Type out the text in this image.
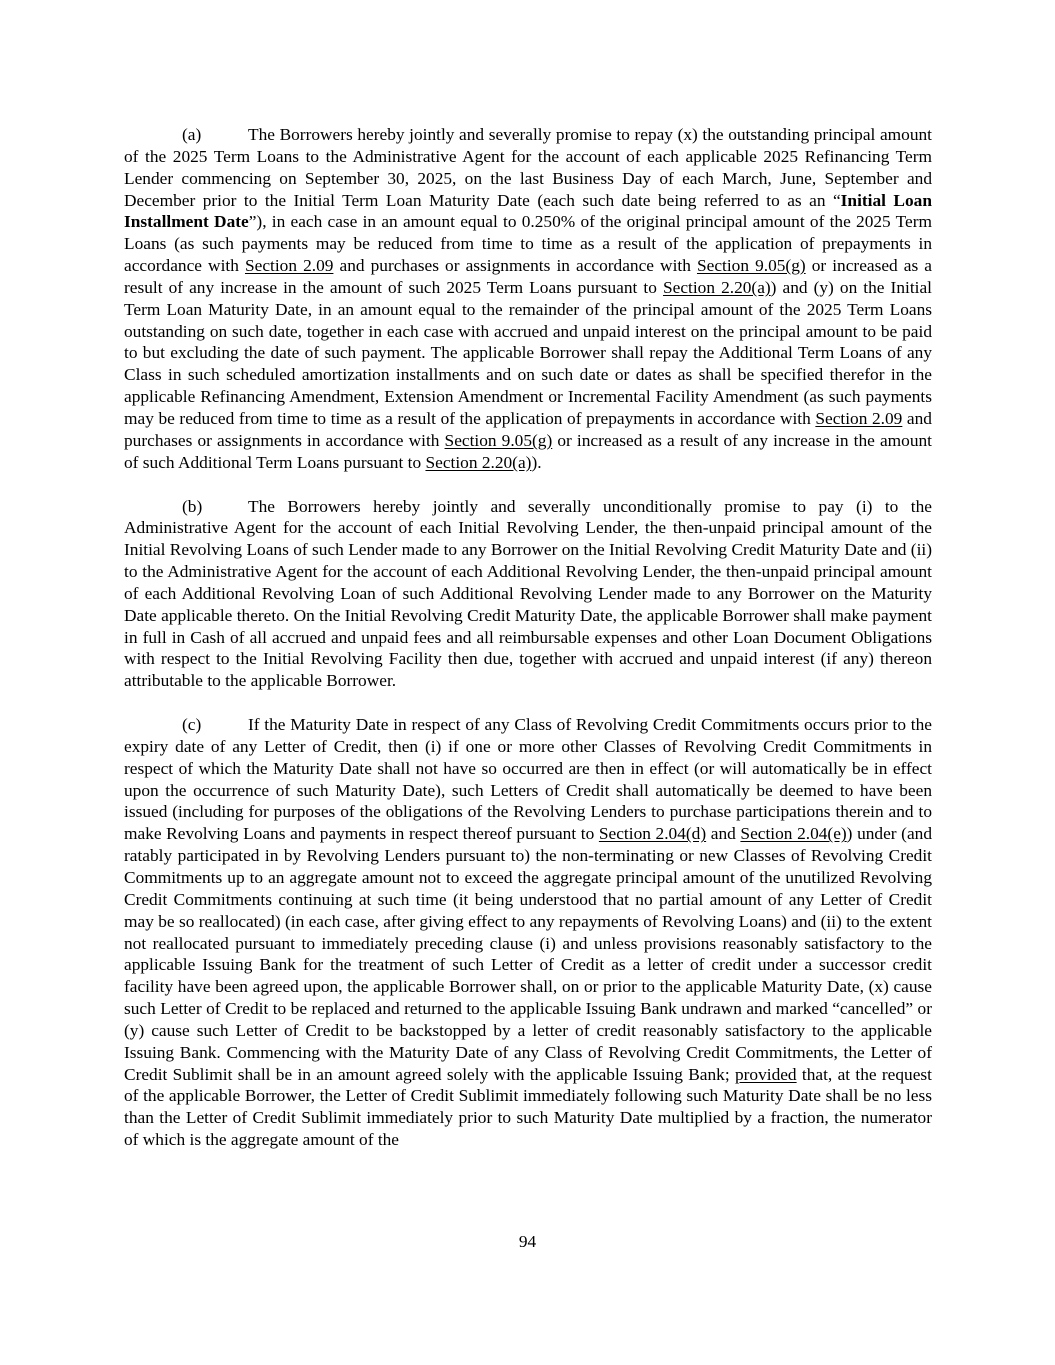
(a)	The Borrowers hereby jointly and severally promise to repay (x) the outstanding principal amount of the 2025 Term Loans to the Administrative Agent for the account of each applicable 2025 Refinancing Term Lender commencing on September 30, 2025, on the last Business Day of each March, June, September and December prior to the Initial Term Loan Maturity Date (each such date being referred to as an “Initial Loan Installment Date”), in each case in an amount equal to 0.250% of the original principal amount of the 2025 Term Loans (as such payments may be reduced from time to time as a result of the application of prepayments in accordance with Section 2.09 and purchases or assignments in accordance with Section 9.05(g) or increased as a result of any increase in the amount of such 2025 Term Loans pursuant to Section 2.20(a)) and (y) on the Initial Term Loan Maturity Date, in an amount equal to the remainder of the principal amount of the 2025 Term Loans outstanding on such date, together in each case with accrued and unpaid interest on the principal amount to be paid to but excluding the date of such payment. The applicable Borrower shall repay the Additional Term Loans of any Class in such scheduled amortization installments and on such date or dates as shall be specified therefor in the applicable Refinancing Amendment, Extension Amendment or Incremental Facility Amendment (as such payments may be reduced from time to time as a result of the application of prepayments in accordance with Section 2.09 and purchases or assignments in accordance with Section 9.05(g) or increased as a result of any increase in the amount of such Additional Term Loans pursuant to Section 2.20(a)).

(b)	The Borrowers hereby jointly and severally unconditionally promise to pay (i) to the Administrative Agent for the account of each Initial Revolving Lender, the then-unpaid principal amount of the Initial Revolving Loans of such Lender made to any Borrower on the Initial Revolving Credit Maturity Date and (ii) to the Administrative Agent for the account of each Additional Revolving Lender, the then-unpaid principal amount of each Additional Revolving Loan of such Additional Revolving Lender made to any Borrower on the Maturity Date applicable thereto. On the Initial Revolving Credit Maturity Date, the applicable Borrower shall make payment in full in Cash of all accrued and unpaid fees and all reimbursable expenses and other Loan Document Obligations with respect to the Initial Revolving Facility then due, together with accrued and unpaid interest (if any) thereon attributable to the applicable Borrower.

(c)	If the Maturity Date in respect of any Class of Revolving Credit Commitments occurs prior to the expiry date of any Letter of Credit, then (i) if one or more other Classes of Revolving Credit Commitments in respect of which the Maturity Date shall not have so occurred are then in effect (or will automatically be in effect upon the occurrence of such Maturity Date), such Letters of Credit shall automatically be deemed to have been issued (including for purposes of the obligations of the Revolving Lenders to purchase participations therein and to make Revolving Loans and payments in respect thereof pursuant to Section 2.04(d) and Section 2.04(e)) under (and ratably participated in by Revolving Lenders pursuant to) the non-terminating or new Classes of Revolving Credit Commitments up to an aggregate amount not to exceed the aggregate principal amount of the unutilized Revolving Credit Commitments continuing at such time (it being understood that no partial amount of any Letter of Credit may be so reallocated) (in each case, after giving effect to any repayments of Revolving Loans) and (ii) to the extent not reallocated pursuant to immediately preceding clause (i) and unless provisions reasonably satisfactory to the applicable Issuing Bank for the treatment of such Letter of Credit as a letter of credit under a successor credit facility have been agreed upon, the applicable Borrower shall, on or prior to the applicable Maturity Date, (x) cause such Letter of Credit to be replaced and returned to the applicable Issuing Bank undrawn and marked “cancelled” or (y) cause such Letter of Credit to be backstopped by a letter of credit reasonably satisfactory to the applicable Issuing Bank. Commencing with the Maturity Date of any Class of Revolving Credit Commitments, the Letter of Credit Sublimit shall be in an amount agreed solely with the applicable Issuing Bank; provided that, at the request of the applicable Borrower, the Letter of Credit Sublimit immediately following such Maturity Date shall be no less than the Letter of Credit Sublimit immediately prior to such Maturity Date multiplied by a fraction, the numerator of which is the aggregate amount of the

94
